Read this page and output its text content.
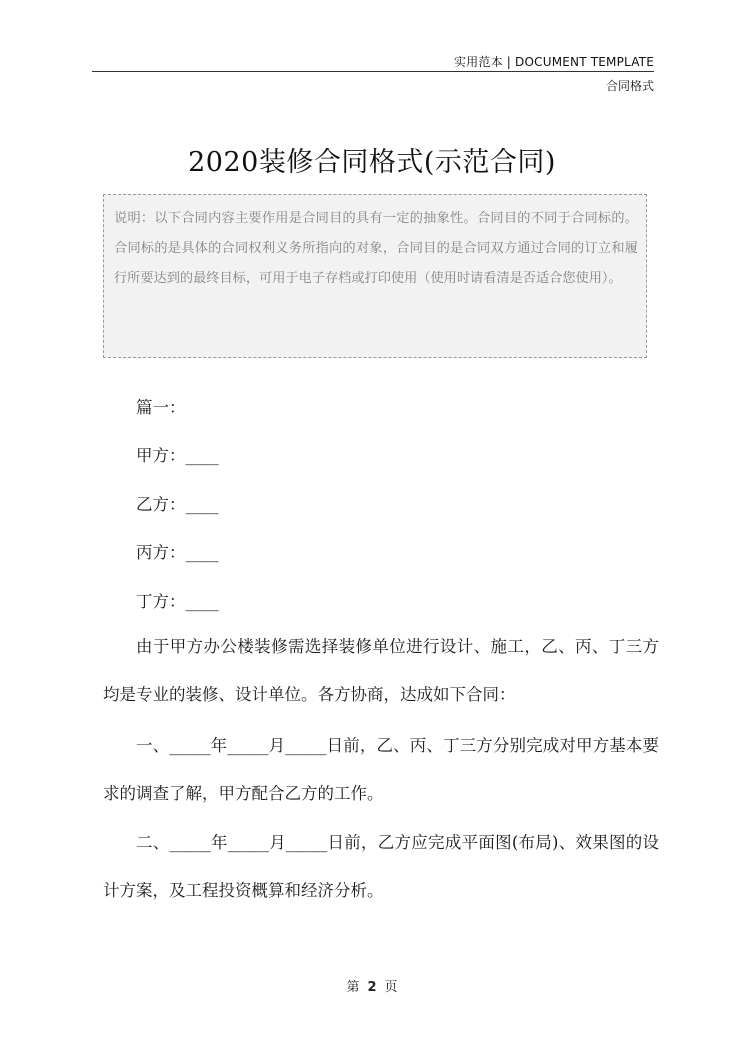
实用范本 | DOCUMENT TEMPLATE
合同格式
2020装修合同格式(示范合同)
说明：以下合同内容主要作用是合同目的具有一定的抽象性。合同目的不同于合同标的。合同标的是具体的合同权利义务所指向的对象，合同目的是合同双方通过合同的订立和履行所要达到的最终目标，可用于电子存档或打印使用（使用时请看清是否适合您使用）。
篇一：
甲方：____
乙方：____
丙方：____
丁方：____
由于甲方办公楼装修需选择装修单位进行设计、施工，乙、丙、丁三方均是专业的装修、设计单位。各方协商，达成如下合同：
一、_____年_____月_____日前，乙、丙、丁三方分别完成对甲方基本要求的调查了解，甲方配合乙方的工作。
二、_____年_____月_____日前，乙方应完成平面图(布局)、效果图的设计方案，及工程投资概算和经济分析。
第 2 页
